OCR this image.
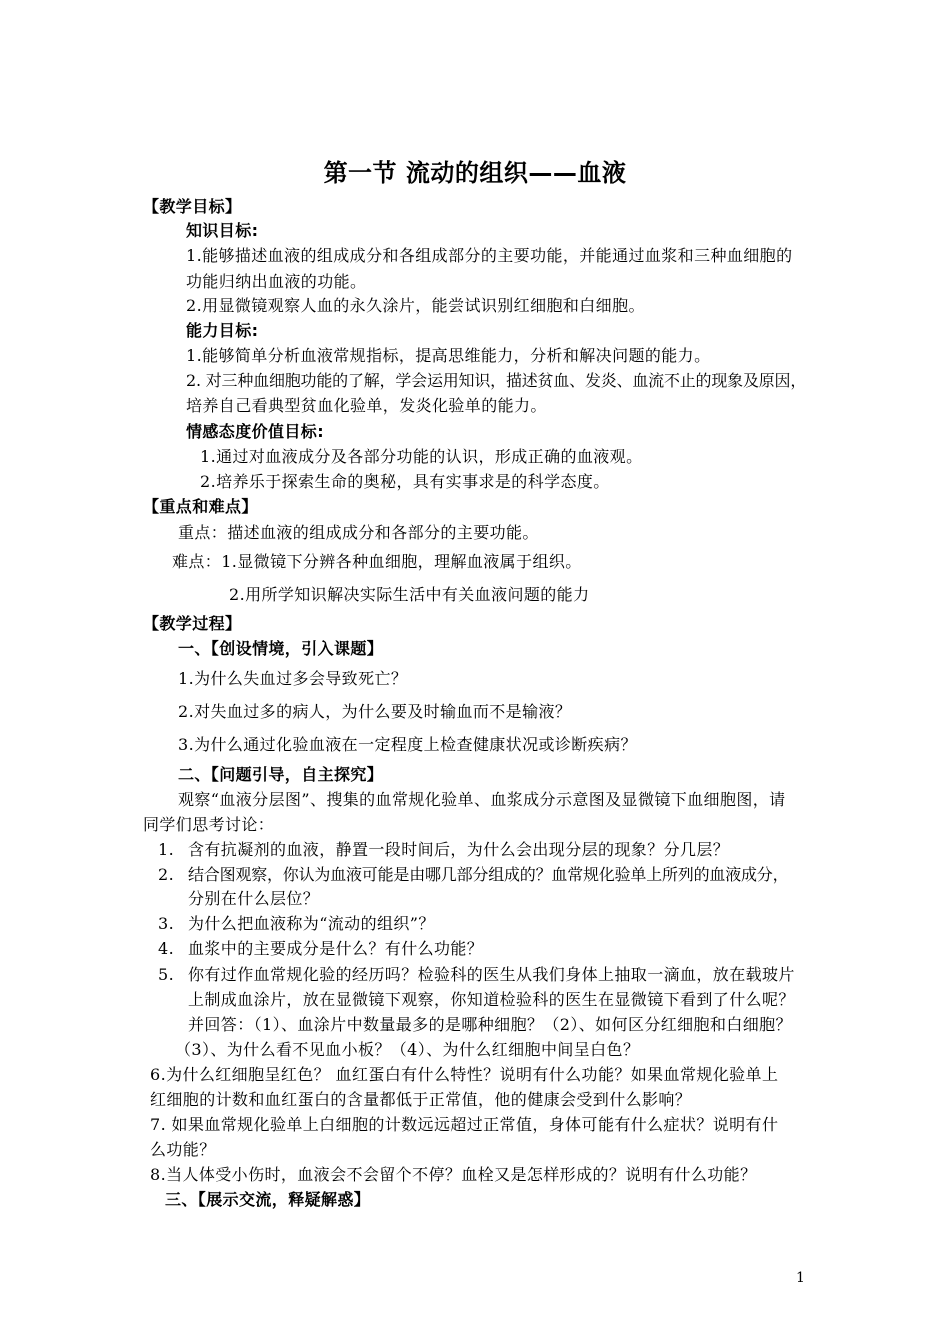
第一节 流动的组织——血液
【教学目标】
知识目标:
1.能够描述血液的组成成分和各组成部分的主要功能，并能通过血浆和三种血细胞的
功能归纳出血液的功能。
2.用显微镜观察人血的永久涂片，能尝试识别红细胞和白细胞。
能力目标:
1.能够简单分析血液常规指标，提高思维能力，分析和解决问题的能力。
2. 对三种血细胞功能的了解，学会运用知识，描述贫血、发炎、血流不止的现象及原因，
培养自己看典型贫血化验单，发炎化验单的能力。
情感态度价值目标:
1.通过对血液成分及各部分功能的认识，形成正确的血液观。
2.培养乐于探索生命的奥秘，具有实事求是的科学态度。
【重点和难点】
重点：描述血液的组成成分和各部分的主要功能。
难点：1.显微镜下分辨各种血细胞，理解血液属于组织。
2.用所学知识解决实际生活中有关血液问题的能力
【教学过程】
一、【创设情境，引入课题】
1.为什么失血过多会导致死亡？
2.对失血过多的病人，为什么要及时输血而不是输液？
3.为什么通过化验血液在一定程度上检查健康状况或诊断疾病？
二、【问题引导，自主探究】
观察“血液分层图”、搜集的血常规化验单、血浆成分示意图及显微镜下血细胞图，请
同学们思考讨论：
1. 含有抗凝剂的血液，静置一段时间后，为什么会出现分层的现象？分几层？
2. 结合图观察，你认为血液可能是由哪几部分组成的？血常规化验单上所列的血液成分，
分别在什么层位？
3. 为什么把血液称为“流动的组织”？
4. 血浆中的主要成分是什么？有什么功能？
5. 你有过作血常规化验的经历吗？检验科的医生从我们身体上抽取一滴血，放在载玻片
上制成血涂片，放在显微镜下观察，你知道检验科的医生在显微镜下看到了什么呢？
并回答：（1）、血涂片中数量最多的是哪种细胞？（2）、如何区分红细胞和白细胞？
（3）、为什么看不见血小板？（4）、为什么红细胞中间呈白色？
6.为什么红细胞呈红色？ 血红蛋白有什么特性？说明有什么功能？如果血常规化验单上
红细胞的计数和血红蛋白的含量都低于正常值，他的健康会受到什么影响？
7. 如果血常规化验单上白细胞的计数远远超过正常值，身体可能有什么症状？说明有什
么功能？
8.当人体受小伤时，血液会不会留个不停？血栓又是怎样形成的？说明有什么功能？
三、【展示交流，释疑解惑】
1
